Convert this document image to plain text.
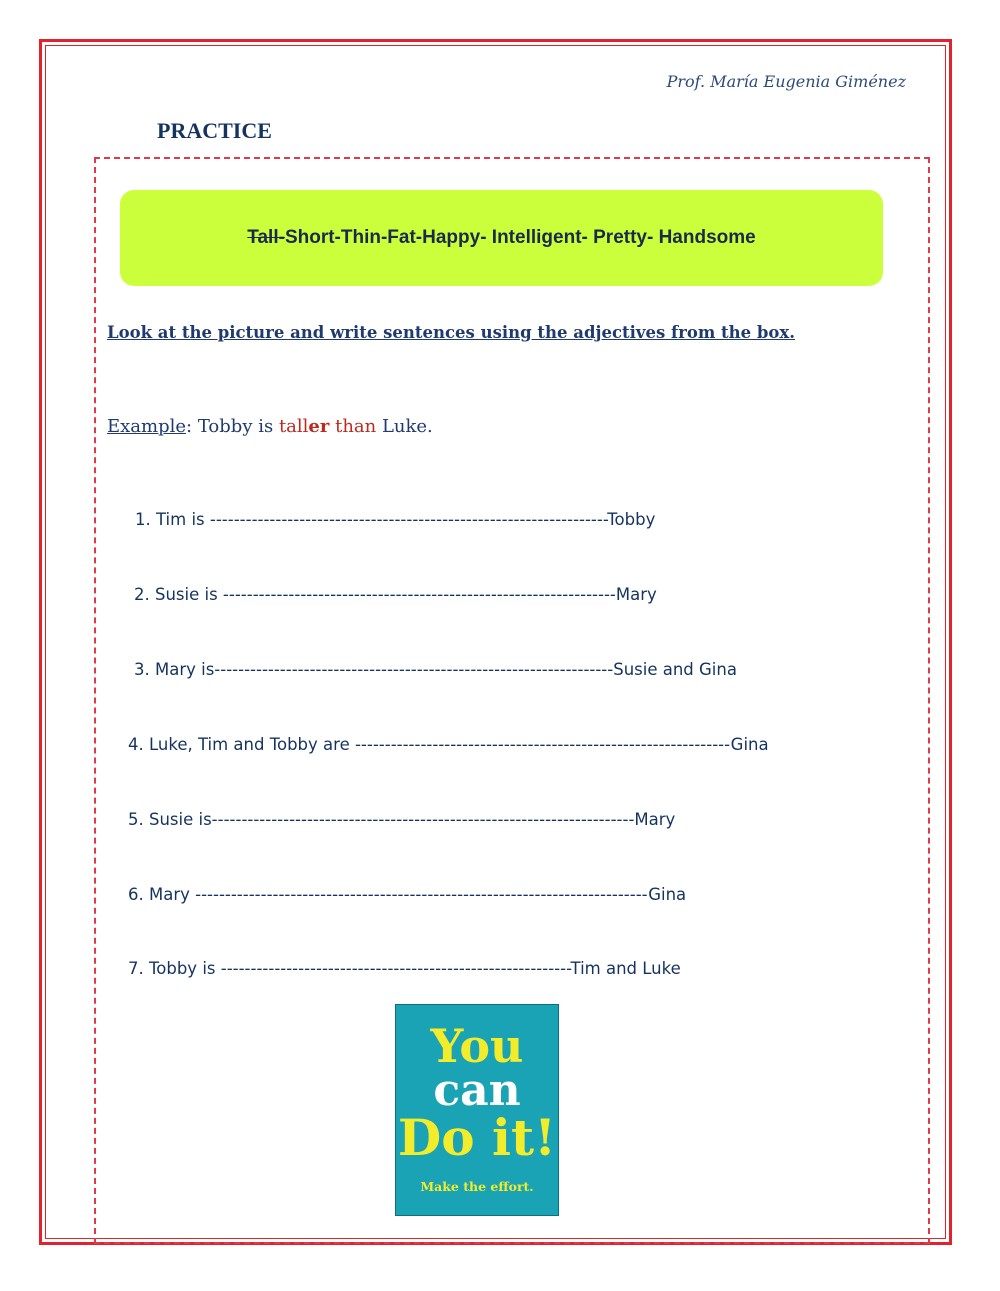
Prof. María Eugenia Giménez
PRACTICE
Tall- Short-Thin-Fat-Happy- Intelligent- Pretty- Handsome
Look at the picture and write sentences using the adjectives from the box.
Example: Tobby is taller than Luke.
1. Tim is -------------------------------------------------------------------Tobby
2. Susie is ------------------------------------------------------------------Mary
3. Mary is-------------------------------------------------------------------Susie and Gina
4. Luke, Tim and Tobby are ---------------------------------------------------------------Gina
5. Susie is-----------------------------------------------------------------------Mary
6. Mary ----------------------------------------------------------------------------Gina
7. Tobby is -----------------------------------------------------------Tim and Luke
You
can
Do it!
Make the effort.
